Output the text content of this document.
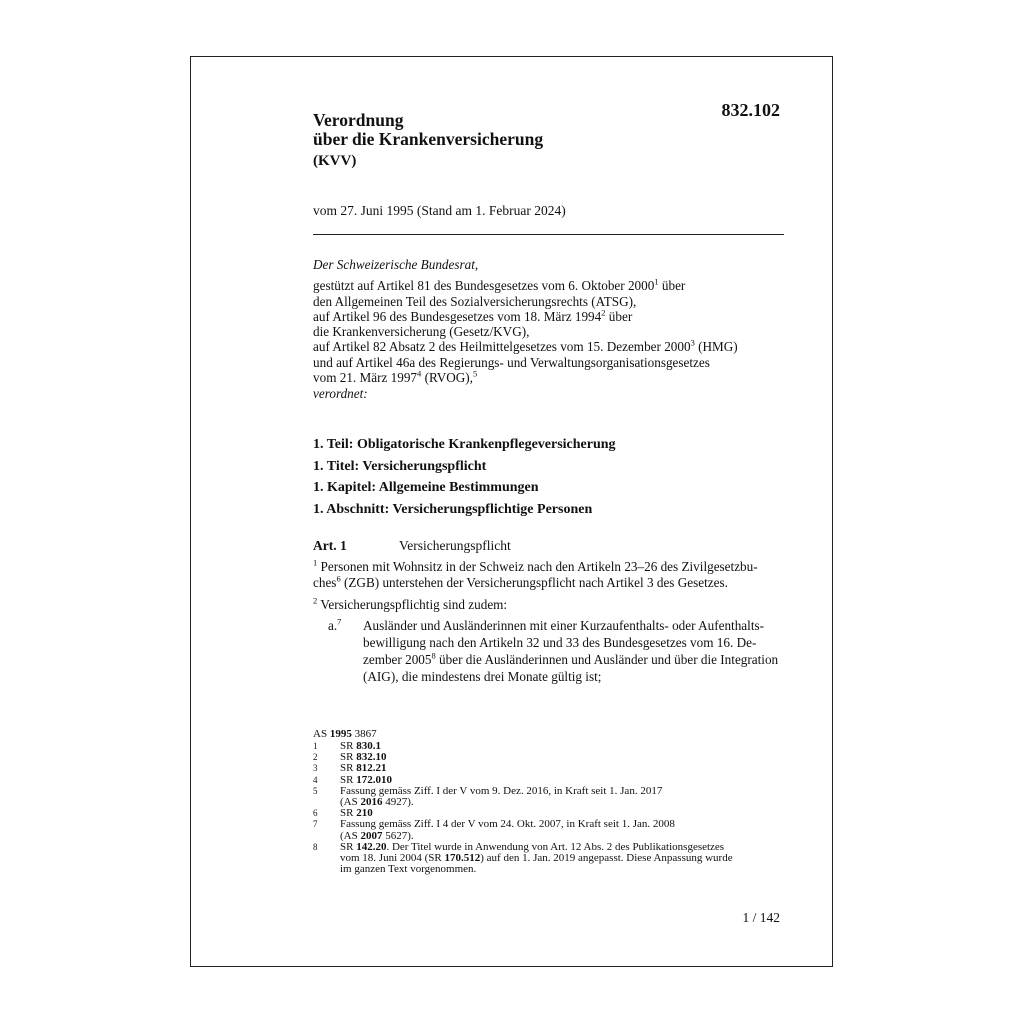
Verordnung
über die Krankenversicherung
(KVV)
832.102
vom 27. Juni 1995 (Stand am 1. Februar 2024)
Der Schweizerische Bundesrat,
gestützt auf Artikel 81 des Bundesgesetzes vom 6. Oktober 2000$^1$ über
den Allgemeinen Teil des Sozialversicherungsrechts (ATSG),
auf Artikel 96 des Bundesgesetzes vom 18. März 1994$^2$ über
die Krankenversicherung (Gesetz/KVG),
auf Artikel 82 Absatz 2 des Heilmittelgesetzes vom 15. Dezember 2000$^3$ (HMG)
und auf Artikel 46a des Regierungs- und Verwaltungsorganisationsgesetzes
vom 21. März 1997$^4$ (RVOG),$^5$
verordnet:
1. Teil: Obligatorische Krankenpflegeversicherung
1. Titel: Versicherungspflicht
1. Kapitel: Allgemeine Bestimmungen
1. Abschnitt: Versicherungspflichtige Personen
Art. 1	Versicherungspflicht
$^1$ Personen mit Wohnsitz in der Schweiz nach den Artikeln 23–26 des Zivilgesetzbu-
ches$^6$ (ZGB) unterstehen der Versicherungspflicht nach Artikel 3 des Gesetzes.
$^2$ Versicherungspflichtig sind zudem:
a.$^7$ Ausländer und Ausländerinnen mit einer Kurzaufenthalts- oder Aufenthalts-
bewilligung nach den Artikeln 32 und 33 des Bundesgesetzes vom 16. De-
zember 2005$^8$ über die Ausländerinnen und Ausländer und über die Integration
(AIG), die mindestens drei Monate gültig ist;
AS 1995 3867
1 SR 830.1
2 SR 832.10
3 SR 812.21
4 SR 172.010
5 Fassung gemäss Ziff. I der V vom 9. Dez. 2016, in Kraft seit 1. Jan. 2017
(AS 2016 4927).
6 SR 210
7 Fassung gemäss Ziff. I 4 der V vom 24. Okt. 2007, in Kraft seit 1. Jan. 2008
(AS 2007 5627).
8 SR 142.20. Der Titel wurde in Anwendung von Art. 12 Abs. 2 des Publikationsgesetzes
vom 18. Juni 2004 (SR 170.512) auf den 1. Jan. 2019 angepasst. Diese Anpassung wurde
im ganzen Text vorgenommen.
1 / 142
